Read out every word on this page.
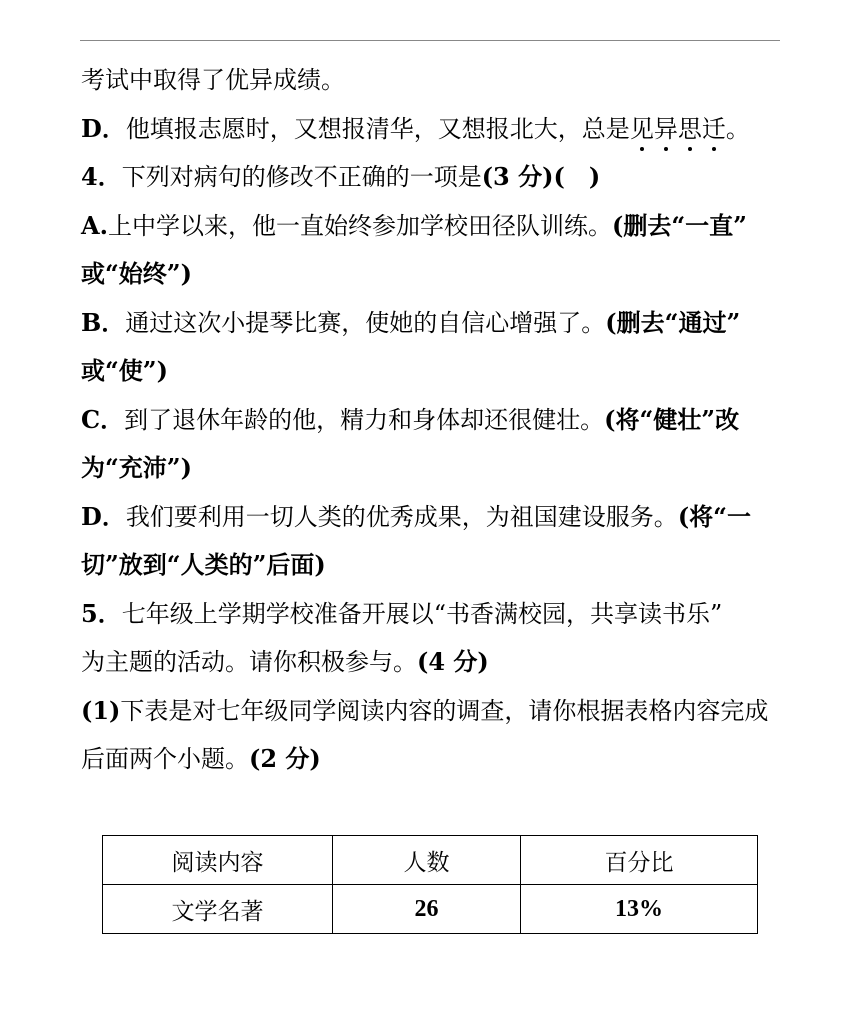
考试中取得了优异成绩。
D．他填报志愿时，又想报清华，又想报北大，总是见异思迁。
4．下列对病句的修改不正确的一项是(3 分)(　)
A.上中学以来，他一直始终参加学校田径队训练。(删去“一直”
或“始终”)
B．通过这次小提琴比赛，使她的自信心增强了。(删去“通过”
或“使”)
C．到了退休年龄的他，精力和身体却还很健壮。(将“健壮”改
为“充沛”)
D．我们要利用一切人类的优秀成果，为祖国建设服务。(将“一
切”放到“人类的”后面)
5．七年级上学期学校准备开展以“书香满校园，共享读书乐”
为主题的活动。请你积极参与。(4 分)
(1)下表是对七年级同学阅读内容的调查，请你根据表格内容完成
后面两个小题。(2 分)
阅读内容	人数	百分比
文学名著	26	13%
